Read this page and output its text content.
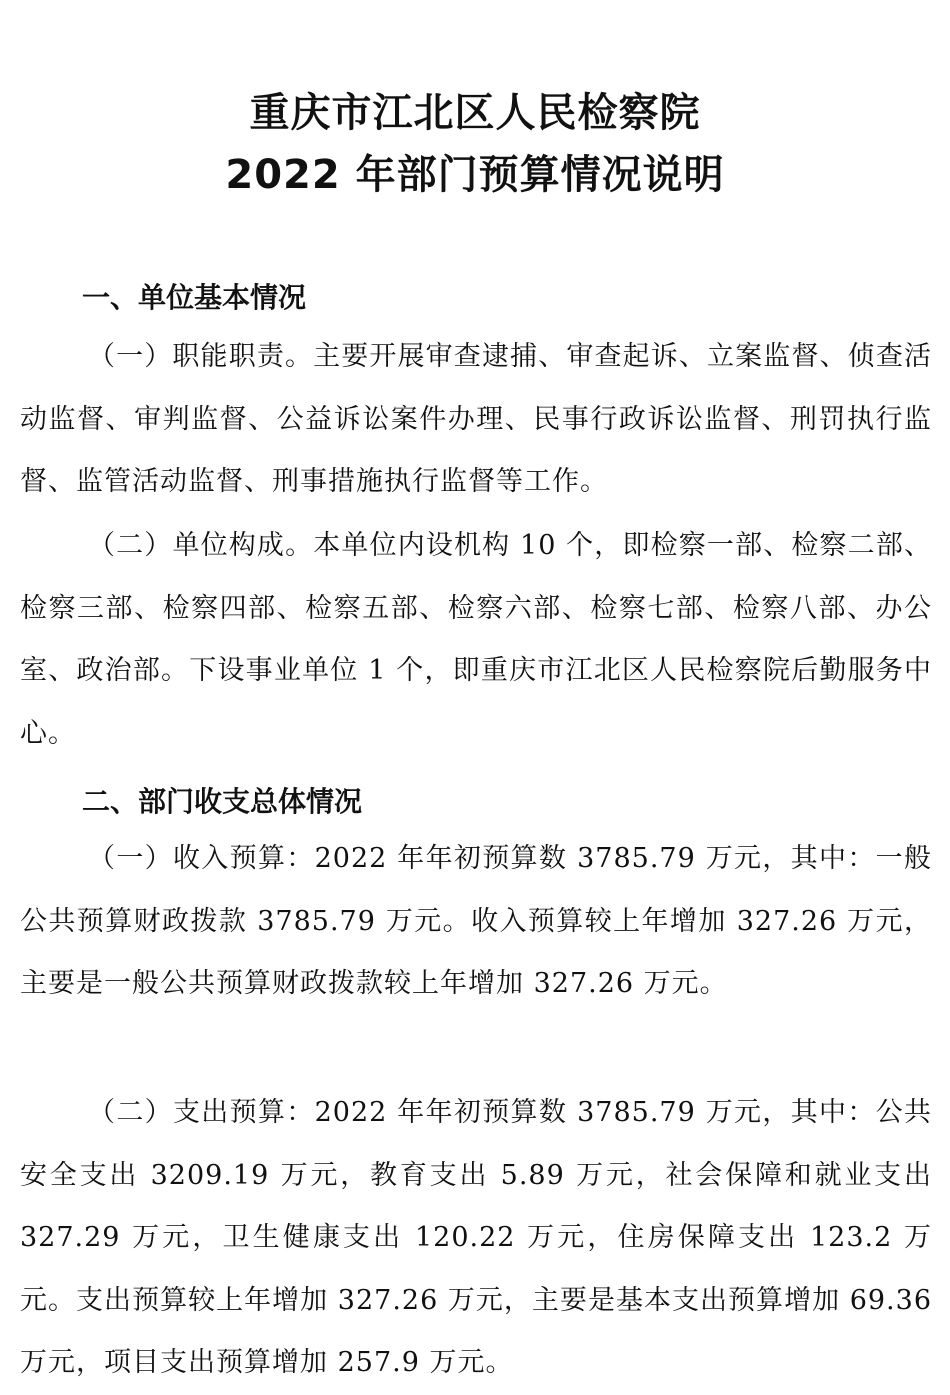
重庆市江北区人民检察院
2022 年部门预算情况说明
一、单位基本情况

（一）职能职责。主要开展审查逮捕、审查起诉、立案监督、侦查活动监督、审判监督、公益诉讼案件办理、民事行政诉讼监督、刑罚执行监督、监管活动监督、刑事措施执行监督等工作。

（二）单位构成。本单位内设机构 10 个，即检察一部、检察二部、检察三部、检察四部、检察五部、检察六部、检察七部、检察八部、办公室、政治部。下设事业单位 1 个，即重庆市江北区人民检察院后勤服务中心。

二、部门收支总体情况

（一）收入预算：2022 年年初预算数 3785.79 万元，其中：一般公共预算财政拨款 3785.79 万元。收入预算较上年增加 327.26 万元，主要是一般公共预算财政拨款较上年增加 327.26 万元。

（二）支出预算：2022 年年初预算数 3785.79 万元，其中：公共安全支出 3209.19 万元，教育支出 5.89 万元，社会保障和就业支出 327.29 万元，卫生健康支出 120.22 万元，住房保障支出 123.2 万元。支出预算较上年增加 327.26 万元，主要是基本支出预算增加 69.36 万元，项目支出预算增加 257.9 万元。
